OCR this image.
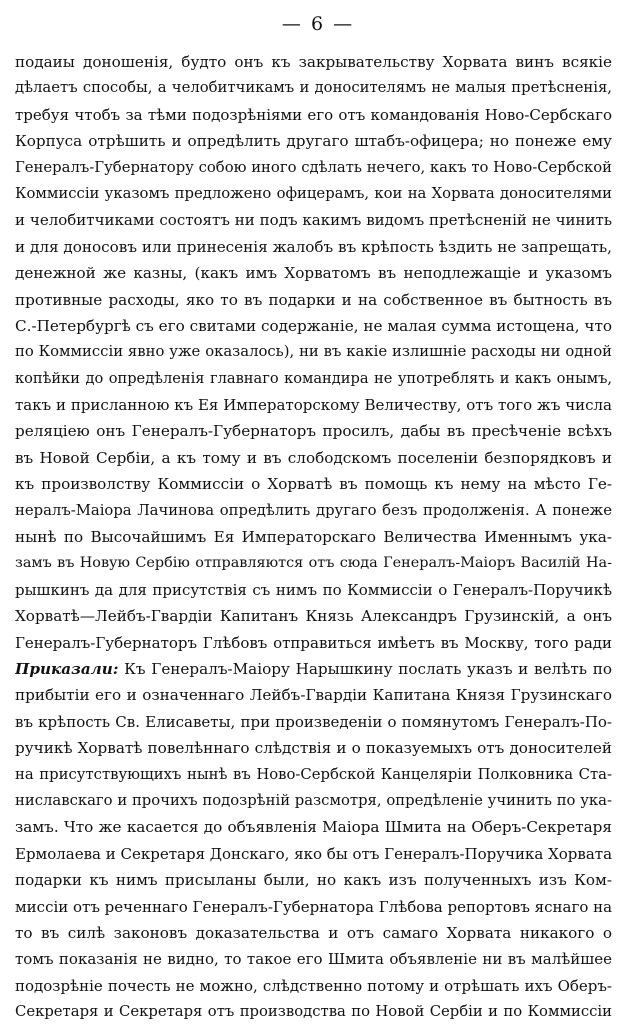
— 6 —
подаиы доношенія, будто онъ къ закрывательству Хорвата винъ всякіе
дѣлаетъ способы, а челобитчикамъ и доносителямъ не малыя претѣсненія,
требуя чтобъ за тѣми подозрѣніями его отъ командованія Ново-Сербскаго
Корпуса отрѣшить и опредѣлить другаго штабъ-офицера; но понеже ему
Генералъ-Губернатору собою иного сдѣлать нечего, какъ то Ново-Сербской
Коммиссіи указомъ предложено офицерамъ, кои на Хорвата доносителями
и челобитчиками состоятъ ни подъ какимъ видомъ претѣсненій не чинить
и для доносовъ или принесенія жалобъ въ крѣпость ѣздить не запрещать,
денежной же казны, (какъ имъ Хорватомъ въ неподлежащіе и указомъ
противные расходы, яко то въ подарки и на собственное въ бытность въ
С.-Петербургѣ съ его свитами содержаніе, не малая сумма истощена, что
по Коммиссіи явно уже оказалось), ни въ какіе излишніе расходы ни одной
копѣйки до опредѣленія главнаго командира не употреблять и какъ онымъ,
такъ и присланною къ Ея Императорскому Величеству, отъ того жъ числа
реляціею онъ Генералъ-Губернаторъ просилъ, дабы въ пресѣченіе всѣхъ
въ Новой Сербіи, а къ тому и въ слободскомъ поселеніи безпорядковъ и
къ произволству Коммиссіи о Хорватѣ въ помощь къ нему на мѣсто Ге-
нералъ-Маіора Лачинова опредѣлить другаго безъ продолженія. А понеже
нынѣ по Высочайшимъ Ея Императорскаго Величества Именнымъ ука-
замъ въ Новую Сербію отправляются отъ сюда Генералъ-Маіоръ Василій На-
рышкинъ да для присутствія съ нимъ по Коммиссіи о Генералъ-Поручикѣ
Хорватѣ—Лейбъ-Гвардіи Капитанъ Князь Александръ Грузинскій, а онъ
Генералъ-Губернаторъ Глѣбовъ отправиться имѣетъ въ Москву, того ради
Приказали: Къ Генералъ-Маіору Нарышкину послать указъ и велѣть по
прибытіи его и означеннаго Лейбъ-Гвардіи Капитана Князя Грузинскаго
въ крѣпость Св. Елисаветы, при произведеніи о помянутомъ Генералъ-По-
ручикѣ Хорватѣ повелѣннаго слѣдствія и о показуемыхъ отъ доносителей
на присутствующихъ нынѣ въ Ново-Сербской Канцеляріи Полковника Ста-
ниславскаго и прочихъ подозрѣній разсмотря, опредѣленіе учинить по ука-
замъ. Что же касается до объявленія Маіора Шмита на Оберъ-Секретаря
Ермолаева и Секретаря Донскаго, яко бы отъ Генералъ-Поручика Хорвата
подарки къ нимъ присыланы были, но какъ изъ полученныхъ изъ Ком-
миссіи отъ реченнаго Генералъ-Губернатора Глѣбова репортовъ яснаго на
то въ силѣ законовъ доказательства и отъ самаго Хорвата никакого о
томъ показанія не видно, то такое его Шмита объявленіе ни въ малѣйшее
подозрѣніе почесть не можно, слѣдственно потому и отрѣшать ихъ Оберъ-
Секретаря и Секретаря отъ производства по Новой Сербіи и по Коммиссіи
